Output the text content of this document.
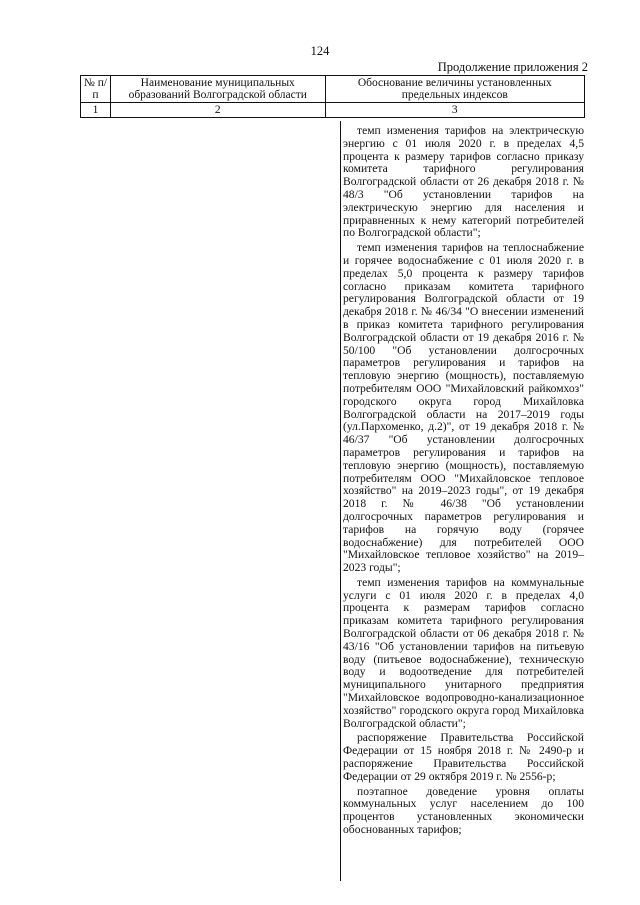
124
Продолжение приложения 2
№ п/п	Наименование муниципальных образований Волгоградской области	Обоснование величины установленных предельных индексов
1	2	3

темп изменения тарифов на электрическую энергию с 01 июля 2020 г. в пределах 4,5 процента к размеру тарифов согласно приказу комитета тарифного регулирования Волгоградской области от 26 декабря 2018 г. № 48/3 "Об установлении тарифов на электрическую энергию для населения и приравненных к нему категорий потребителей по Волгоградской области";

темп изменения тарифов на теплоснабжение и горячее водоснабжение с 01 июля 2020 г. в пределах 5,0 процента к размеру тарифов согласно приказам комитета тарифного регулирования Волгоградской области от 19 декабря 2018 г. № 46/34 "О внесении изменений в приказ комитета тарифного регулирования Волгоградской области от 19 декабря 2016 г. № 50/100 "Об установлении долгосрочных параметров регулирования и тарифов на тепловую энергию (мощность), поставляемую потребителям ООО "Михайловский райкомхоз" городского округа город Михайловка Волгоградской области на 2017–2019 годы (ул.Пархоменко, д.2)", от 19 декабря 2018 г. № 46/37 "Об установлении долгосрочных параметров регулирования и тарифов на тепловую энергию (мощность), поставляемую потребителям ООО "Михайловское тепловое хозяйство" на 2019–2023 годы", от 19 декабря 2018 г. № 46/38 "Об установлении долгосрочных параметров регулирования и тарифов на горячую воду (горячее водоснабжение) для потребителей ООО "Михайловское тепловое хозяйство" на 2019–2023 годы";

темп изменения тарифов на коммунальные услуги с 01 июля 2020 г. в пределах 4,0 процента к размерам тарифов согласно приказам комитета тарифного регулирования Волгоградской области от 06 декабря 2018 г. № 43/16 "Об установлении тарифов на питьевую воду (питьевое водоснабжение), техническую воду и водоотведение для потребителей муниципального унитарного предприятия "Михайловское водопроводно-канализационное хозяйство" городского округа город Михайловка Волгоградской области";

распоряжение Правительства Российской Федерации от 15 ноября 2018 г. № 2490-р и распоряжение Правительства Российской Федерации от 29 октября 2019 г. № 2556-р;

поэтапное доведение уровня оплаты коммунальных услуг населением до 100 процентов установленных экономически обоснованных тарифов;
